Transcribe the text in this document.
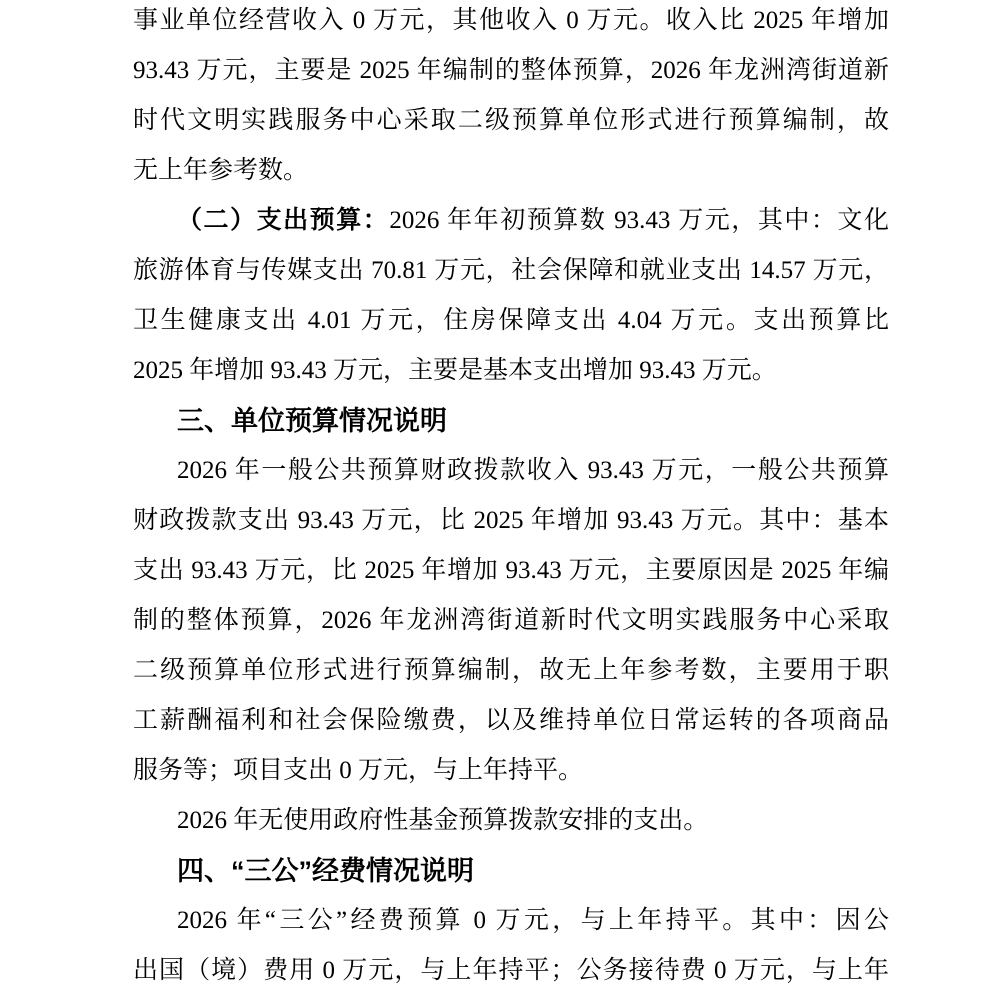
事业单位经营收入 0 万元，其他收入 0 万元。收入比 2025 年增加
93.43 万元，主要是 2025 年编制的整体预算，2026 年龙洲湾街道新
时代文明实践服务中心采取二级预算单位形式进行预算编制，故
无上年参考数。
（二）支出预算：2026 年年初预算数 93.43 万元，其中：文化
旅游体育与传媒支出 70.81 万元，社会保障和就业支出 14.57 万元，
卫生健康支出 4.01 万元，住房保障支出 4.04 万元。支出预算比
2025 年增加 93.43 万元，主要是基本支出增加 93.43 万元。
三、单位预算情况说明
2026 年一般公共预算财政拨款收入 93.43 万元，一般公共预算
财政拨款支出 93.43 万元，比 2025 年增加 93.43 万元。其中：基本
支出 93.43 万元，比 2025 年增加 93.43 万元，主要原因是 2025 年编
制的整体预算，2026 年龙洲湾街道新时代文明实践服务中心采取
二级预算单位形式进行预算编制，故无上年参考数，主要用于职
工薪酬福利和社会保险缴费，以及维持单位日常运转的各项商品
服务等；项目支出 0 万元，与上年持平。
2026 年无使用政府性基金预算拨款安排的支出。
四、“三公”经费情况说明
2026 年“三公”经费预算 0 万元，与上年持平。其中：因公
出国（境）费用 0 万元，与上年持平；公务接待费 0 万元，与上年
